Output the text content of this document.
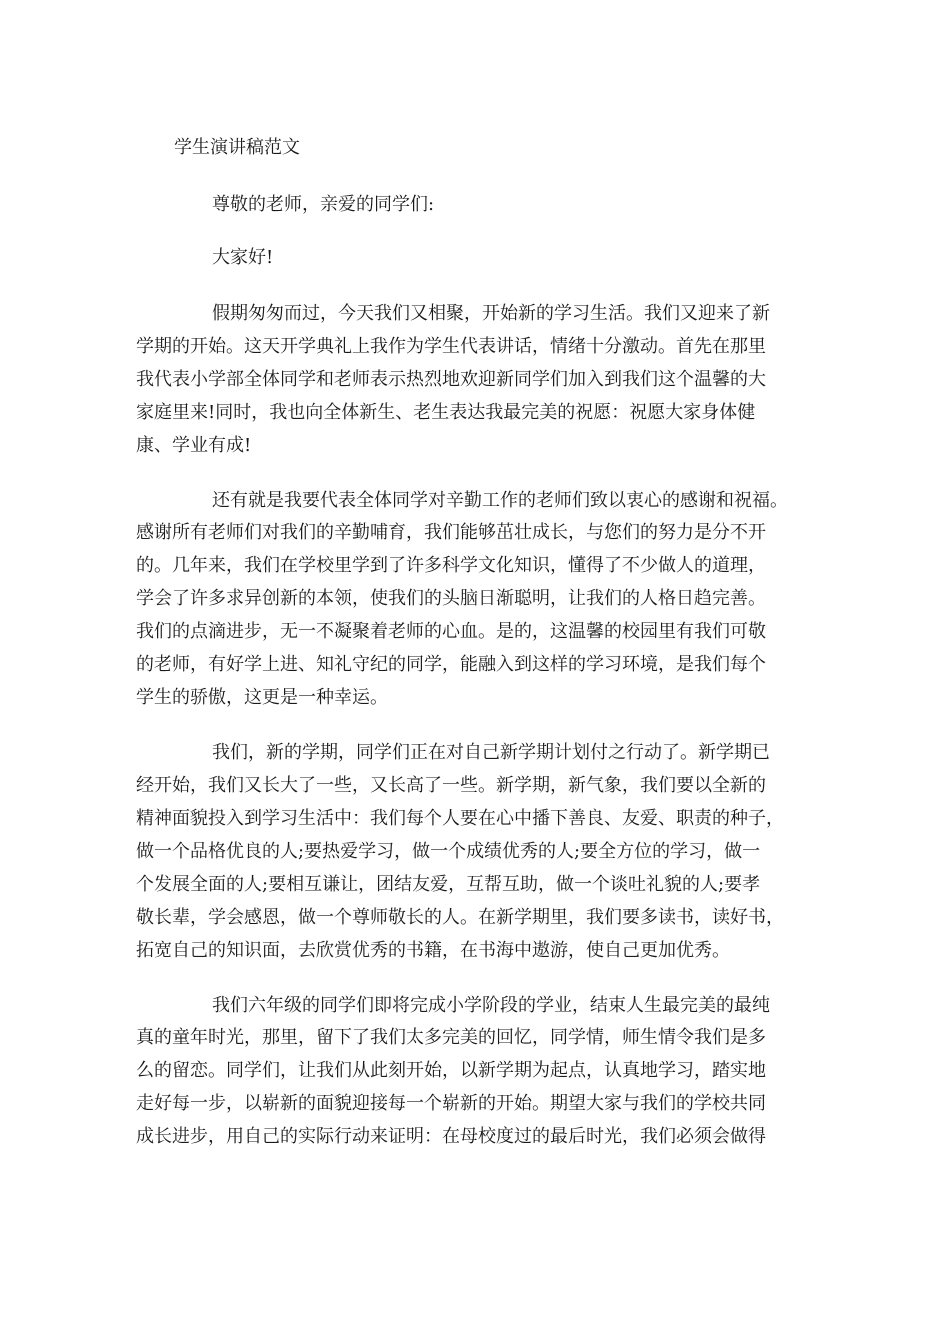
学生演讲稿范文
尊敬的老师，亲爱的同学们:
大家好!
假期匆匆而过，今天我们又相聚，开始新的学习生活。我们又迎来了新
学期的开始。这天开学典礼上我作为学生代表讲话，情绪十分激动。首先在那里
我代表小学部全体同学和老师表示热烈地欢迎新同学们加入到我们这个温馨的大
家庭里来!同时，我也向全体新生、老生表达我最完美的祝愿：祝愿大家身体健
康、学业有成!
还有就是我要代表全体同学对辛勤工作的老师们致以衷心的感谢和祝福。
感谢所有老师们对我们的辛勤哺育，我们能够茁壮成长，与您们的努力是分不开
的。几年来，我们在学校里学到了许多科学文化知识，懂得了不少做人的道理，
学会了许多求异创新的本领，使我们的头脑日渐聪明，让我们的人格日趋完善。
我们的点滴进步，无一不凝聚着老师的心血。是的，这温馨的校园里有我们可敬
的老师，有好学上进、知礼守纪的同学，能融入到这样的学习环境，是我们每个
学生的骄傲，这更是一种幸运。
我们，新的学期，同学们正在对自己新学期计划付之行动了。新学期已
经开始，我们又长大了一些，又长高了一些。新学期，新气象，我们要以全新的
精神面貌投入到学习生活中：我们每个人要在心中播下善良、友爱、职责的种子，
做一个品格优良的人;要热爱学习，做一个成绩优秀的人;要全方位的学习，做一
个发展全面的人;要相互谦让，团结友爱，互帮互助，做一个谈吐礼貌的人;要孝
敬长辈，学会感恩，做一个尊师敬长的人。在新学期里，我们要多读书，读好书，
拓宽自己的知识面，去欣赏优秀的书籍，在书海中遨游，使自己更加优秀。
我们六年级的同学们即将完成小学阶段的学业，结束人生最完美的最纯
真的童年时光，那里，留下了我们太多完美的回忆，同学情，师生情令我们是多
么的留恋。同学们，让我们从此刻开始，以新学期为起点，认真地学习，踏实地
走好每一步，以崭新的面貌迎接每一个崭新的开始。期望大家与我们的学校共同
成长进步，用自己的实际行动来证明：在母校度过的最后时光，我们必须会做得
